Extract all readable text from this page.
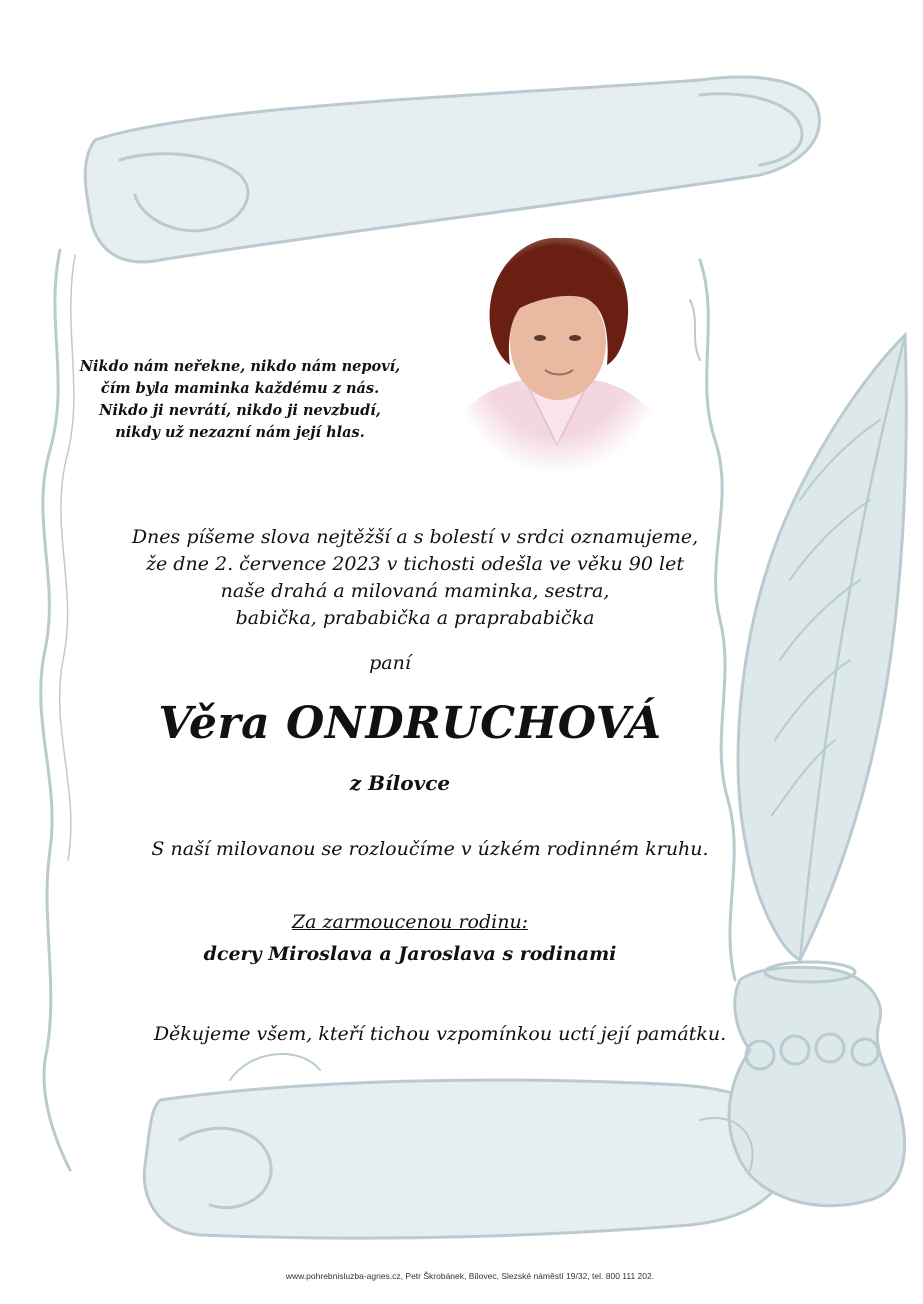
Nikdo nám neřekne, nikdo nám nepoví,
čím byla maminka každému z nás.
Nikdo ji nevrátí, nikdo ji nevzbudí,
nikdy už nezazní nám její hlas.
Dnes píšeme slova nejtěžší a s bolestí v srdci oznamujeme,
že dne 2. července 2023 v tichosti odešla ve věku 90 let
naše drahá a milovaná maminka, sestra,
babička, prababička a praprababička
paní
Věra ONDRUCHOVÁ
z Bílovce
S naší milovanou se rozloučíme v úzkém rodinném kruhu.
Za zarmoucenou rodinu:
dcery Miroslava a Jaroslava s rodinami
Děkujeme všem, kteří tichou vzpomínkou uctí její památku.
www.pohrebnisluzba-agnes.cz, Petr Škrobánek, Bílovec, Slezské náměstí 19/32, tel. 800 111 202.
